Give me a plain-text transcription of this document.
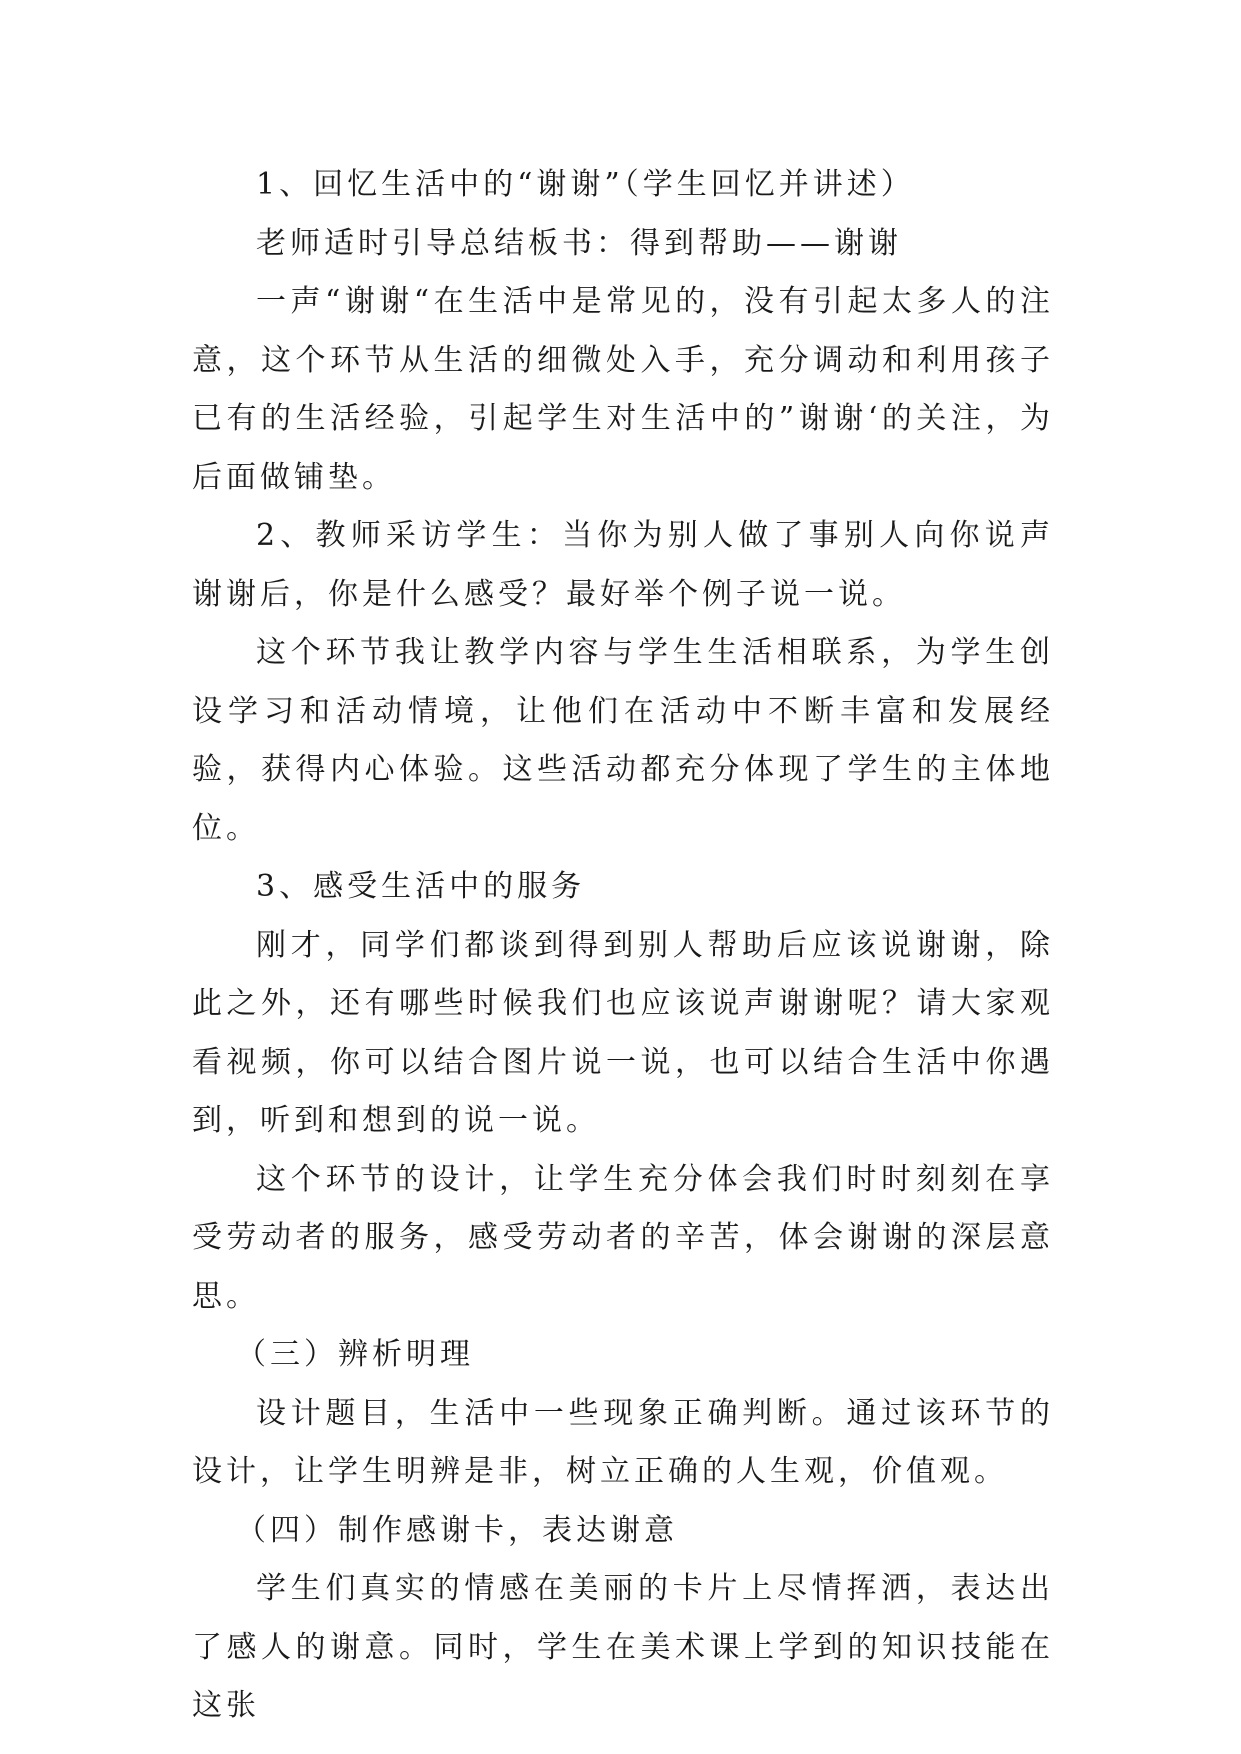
1、回忆生活中的“谢谢”（学生回忆并讲述）

老师适时引导总结板书：得到帮助——谢谢

一声“谢谢“在生活中是常见的，没有引起太多人的注意，这个环节从生活的细微处入手，充分调动和利用孩子已有的生活经验，引起学生对生活中的”谢谢‘的关注，为后面做铺垫。

2、教师采访学生：当你为别人做了事别人向你说声谢谢后，你是什么感受？最好举个例子说一说。

这个环节我让教学内容与学生生活相联系，为学生创设学习和活动情境，让他们在活动中不断丰富和发展经验，获得内心体验。这些活动都充分体现了学生的主体地位。

3、感受生活中的服务

刚才，同学们都谈到得到别人帮助后应该说谢谢，除此之外，还有哪些时候我们也应该说声谢谢呢？请大家观看视频，你可以结合图片说一说，也可以结合生活中你遇到，听到和想到的说一说。

这个环节的设计，让学生充分体会我们时时刻刻在享受劳动者的服务，感受劳动者的辛苦，体会谢谢的深层意思。

（三）辨析明理

设计题目，生活中一些现象正确判断。通过该环节的设计，让学生明辨是非，树立正确的人生观，价值观。

（四）制作感谢卡，表达谢意

学生们真实的情感在美丽的卡片上尽情挥洒，表达出了感人的谢意。同时，学生在美术课上学到的知识技能在这张
